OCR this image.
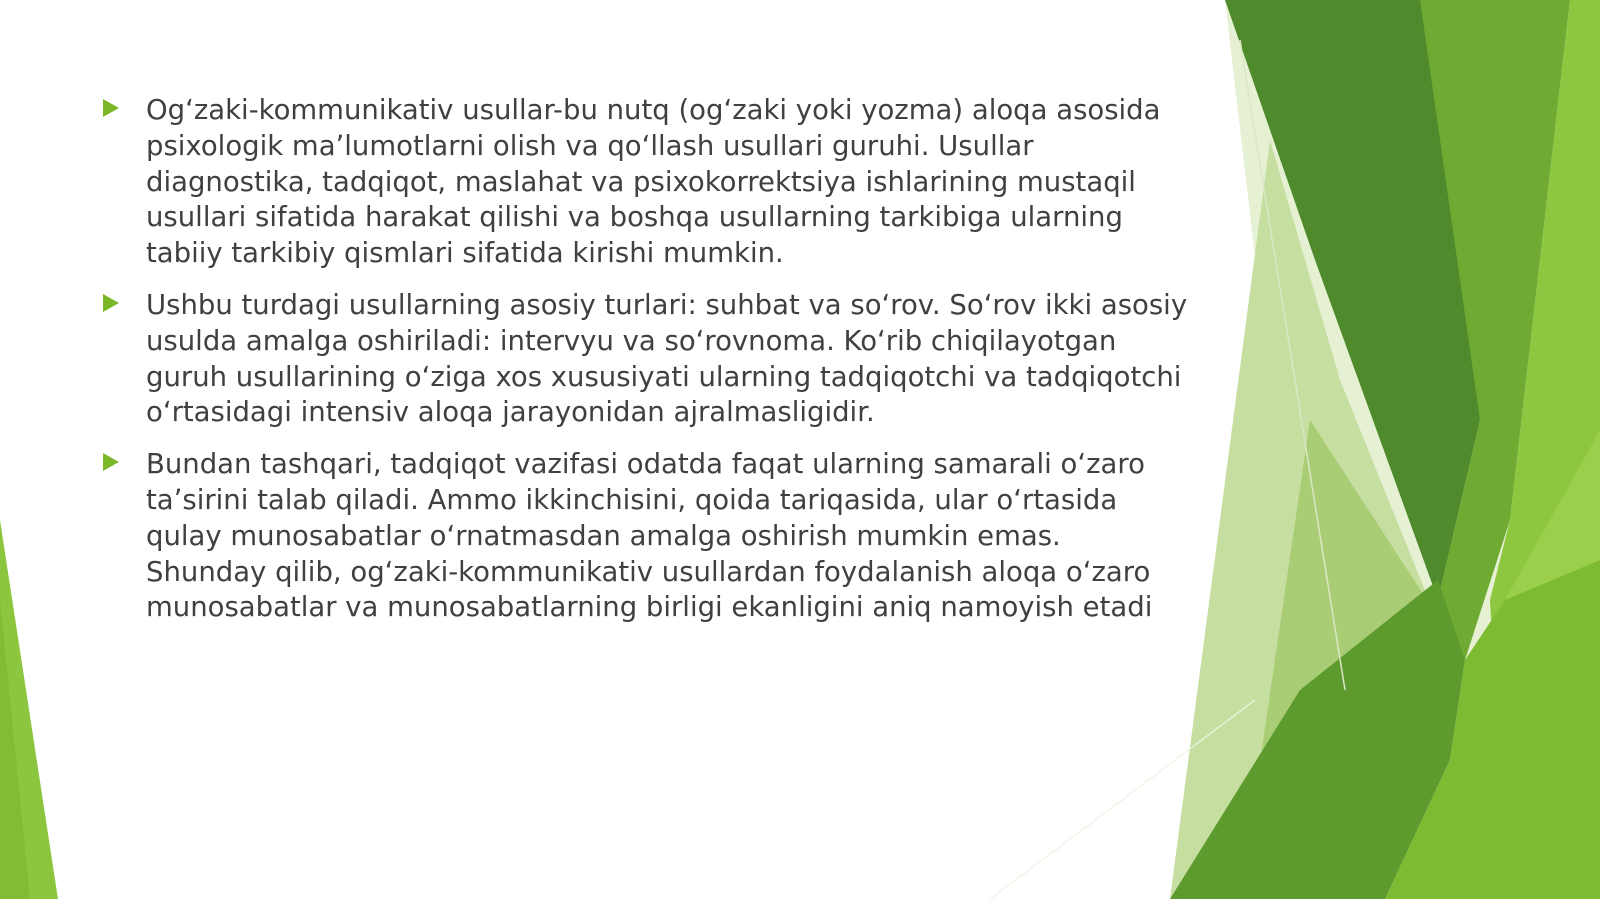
Ogʻzaki-kommunikativ usullar-bu nutq (ogʻzaki yoki yozma) aloqa asosida
psixologik maʼlumotlarni olish va qoʻllash usullari guruhi. Usullar
diagnostika, tadqiqot, maslahat va psixokorrektsiya ishlarining mustaqil
usullari sifatida harakat qilishi va boshqa usullarning tarkibiga ularning
tabiiy tarkibiy qismlari sifatida kirishi mumkin.
Ushbu turdagi usullarning asosiy turlari: suhbat va soʻrov. Soʻrov ikki asosiy
usulda amalga oshiriladi: intervyu va soʻrovnoma. Koʻrib chiqilayotgan
guruh usullarining oʻziga xos xususiyati ularning tadqiqotchi va tadqiqotchi
oʻrtasidagi intensiv aloqa jarayonidan ajralmasligidir.
Bundan tashqari, tadqiqot vazifasi odatda faqat ularning samarali oʻzaro
taʼsirini talab qiladi. Ammo ikkinchisini, qoida tariqasida, ular oʻrtasida
qulay munosabatlar oʻrnatmasdan amalga oshirish mumkin emas.
Shunday qilib, ogʻzaki-kommunikativ usullardan foydalanish aloqa oʻzaro
munosabatlar va munosabatlarning birligi ekanligini aniq namoyish etadi
